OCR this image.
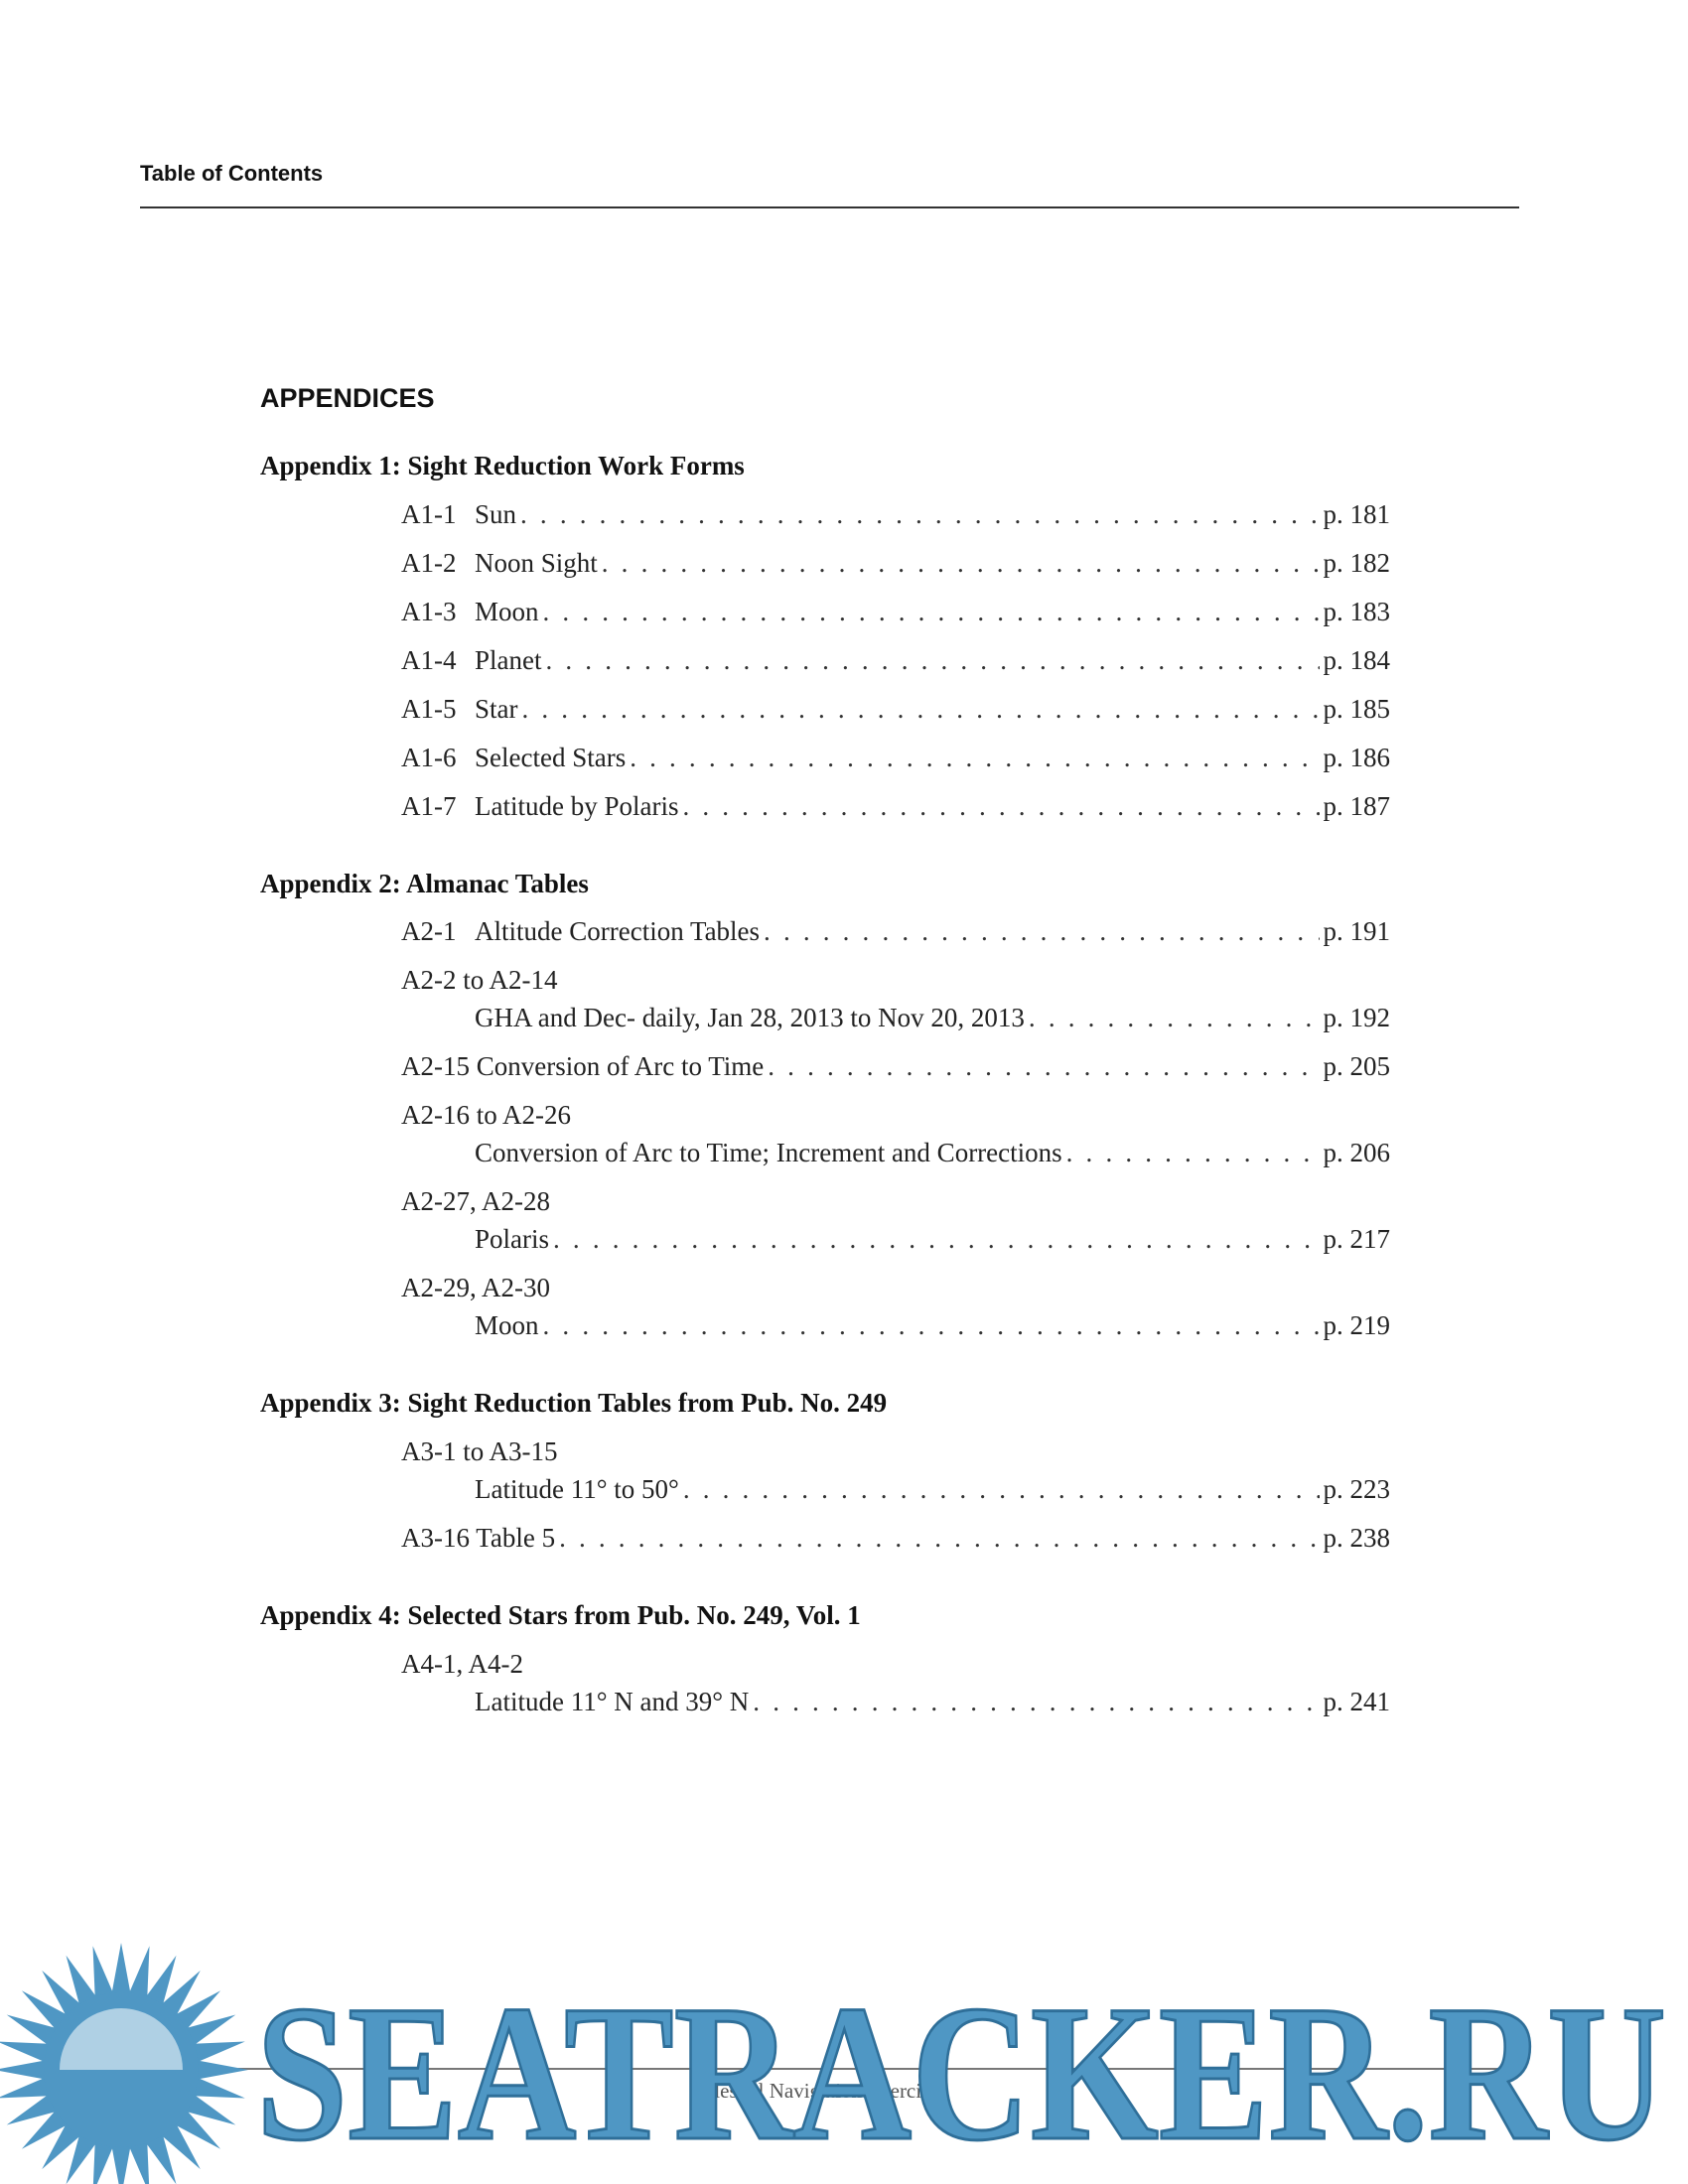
Table of Contents
APPENDICES
Appendix 1: Sight Reduction Work Forms
A1-1 Sun . . .	p. 181
A1-2 Noon Sight . . .	p. 182
A1-3 Moon . . .	p. 183
A1-4 Planet . . .	p. 184
A1-5 Star . . .	p. 185
A1-6 Selected Stars . . .	p. 186
A1-7 Latitude by Polaris . . .	p. 187
Appendix 2: Almanac Tables
A2-1 Altitude Correction Tables . . .	p. 191
A2-2 to A2-14
GHA and Dec- daily, Jan 28, 2013 to Nov 20, 2013 . . .	p. 192
A2-15 Conversion of Arc to Time . . .	p. 205
A2-16 to A2-26
Conversion of Arc to Time; Increment and Corrections . . .	p. 206
A2-27, A2-28
Polaris . . .	p. 217
A2-29, A2-30
Moon . . .	p. 219
Appendix 3: Sight Reduction Tables from Pub. No. 249
A3-1 to A3-15
Latitude 11° to 50° . . .	p. 223
A3-16 Table 5 . . .	p. 238
Appendix 4: Selected Stars from Pub. No. 249, Vol. 1
A4-1, A4-2
Latitude 11° N and 39° N . . .	p. 241
Celestial Navigation Exercises
SEATRACKER.RU
